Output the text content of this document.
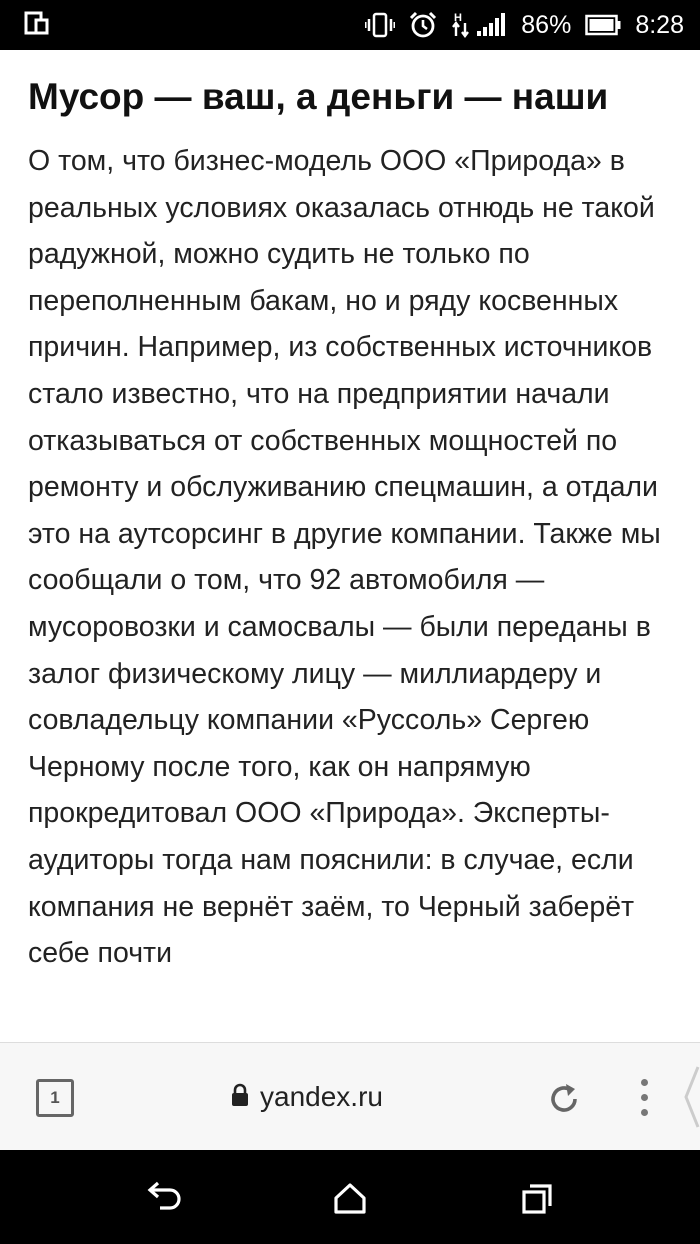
H 86%	8:28
Мусор — ваш, а деньги — наши

О том, что бизнес-модель ООО «Природа» в реальных условиях оказалась отнюдь не такой радужной, можно судить не только по переполненным бакам, но и ряду косвенных причин. Например, из собственных источников стало известно, что на предприятии начали отказываться от собственных мощностей по ремонту и обслуживанию спецмашин, а отдали это на аутсорсинг в другие компании. Также мы сообщали о том, что 92 автомобиля — мусоровозки и самосвалы — были переданы в залог физическому лицу — миллиардеру и совладельцу компании «Руссоль» Сергею Черному после того, как он напрямую прокредитовал ООО «Природа». Эксперты-аудиторы тогда нам пояснили: в случае, если компания не вернёт заём, то Черный заберёт себе почти

1	yandex.ru
